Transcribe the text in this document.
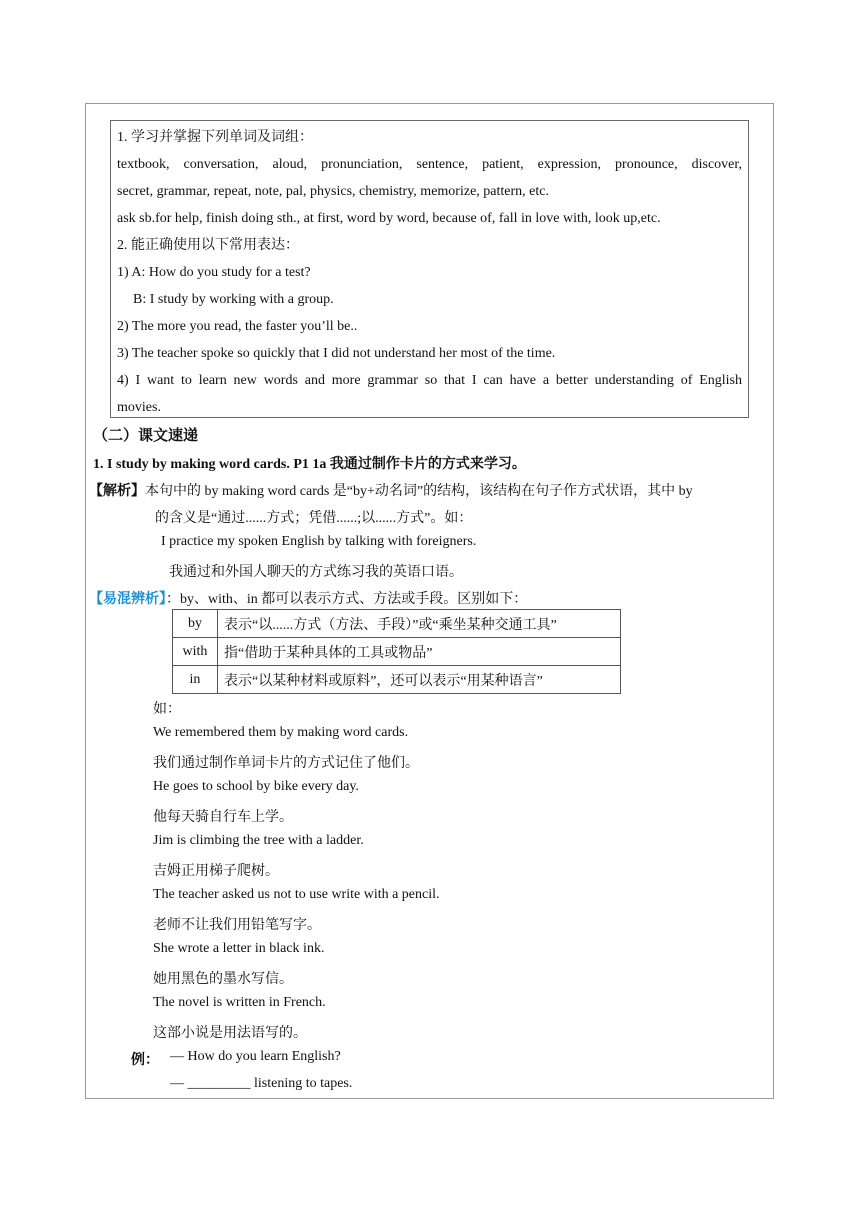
1. 学习并掌握下列单词及词组：
textbook, conversation, aloud, pronunciation, sentence, patient, expression, pronounce, discover,
secret, grammar, repeat, note, pal, physics, chemistry, memorize, pattern, etc.
ask sb.for help, finish doing sth., at first, word by word, because of, fall in love with, look up,etc.
2. 能正确使用以下常用表达：
1) A: How do you study for a test?
B: I study by working with a group.
2) The more you read, the faster you’ll be..
3) The teacher spoke so quickly that I did not understand her most of the time.
4) I want to learn new words and more grammar so that I can have a better understanding of English
movies.
（二）课文速递
1. I study by making word cards. P1 1a 我通过制作卡片的方式来学习。
【解析】本句中的 by making word cards 是“by+动名词”的结构，该结构在句子作方式状语，其中 by
的含义是“通过......方式；凭借......;以......方式”。如：
I practice my spoken English by talking with foreigners.
我通过和外国人聊天的方式练习我的英语口语。
【易混辨析】：by、with、in 都可以表示方式、方法或手段。区别如下：
by	表示“以......方式（方法、手段）”或“乘坐某种交通工具”
with	指“借助于某种具体的工具或物品”
in	表示“以某种材料或原料”，还可以表示“用某种语言”
如：
We remembered them by making word cards.
我们通过制作单词卡片的方式记住了他们。
He goes to school by bike every day.
他每天骑自行车上学。
Jim is climbing the tree with a ladder.
吉姆正用梯子爬树。
The teacher asked us not to use write with a pencil.
老师不让我们用铅笔写字。
She wrote a letter in black ink.
她用黑色的墨水写信。
The novel is written in French.
这部小说是用法语写的。
例： — How do you learn English?
— _________ listening to tapes.
